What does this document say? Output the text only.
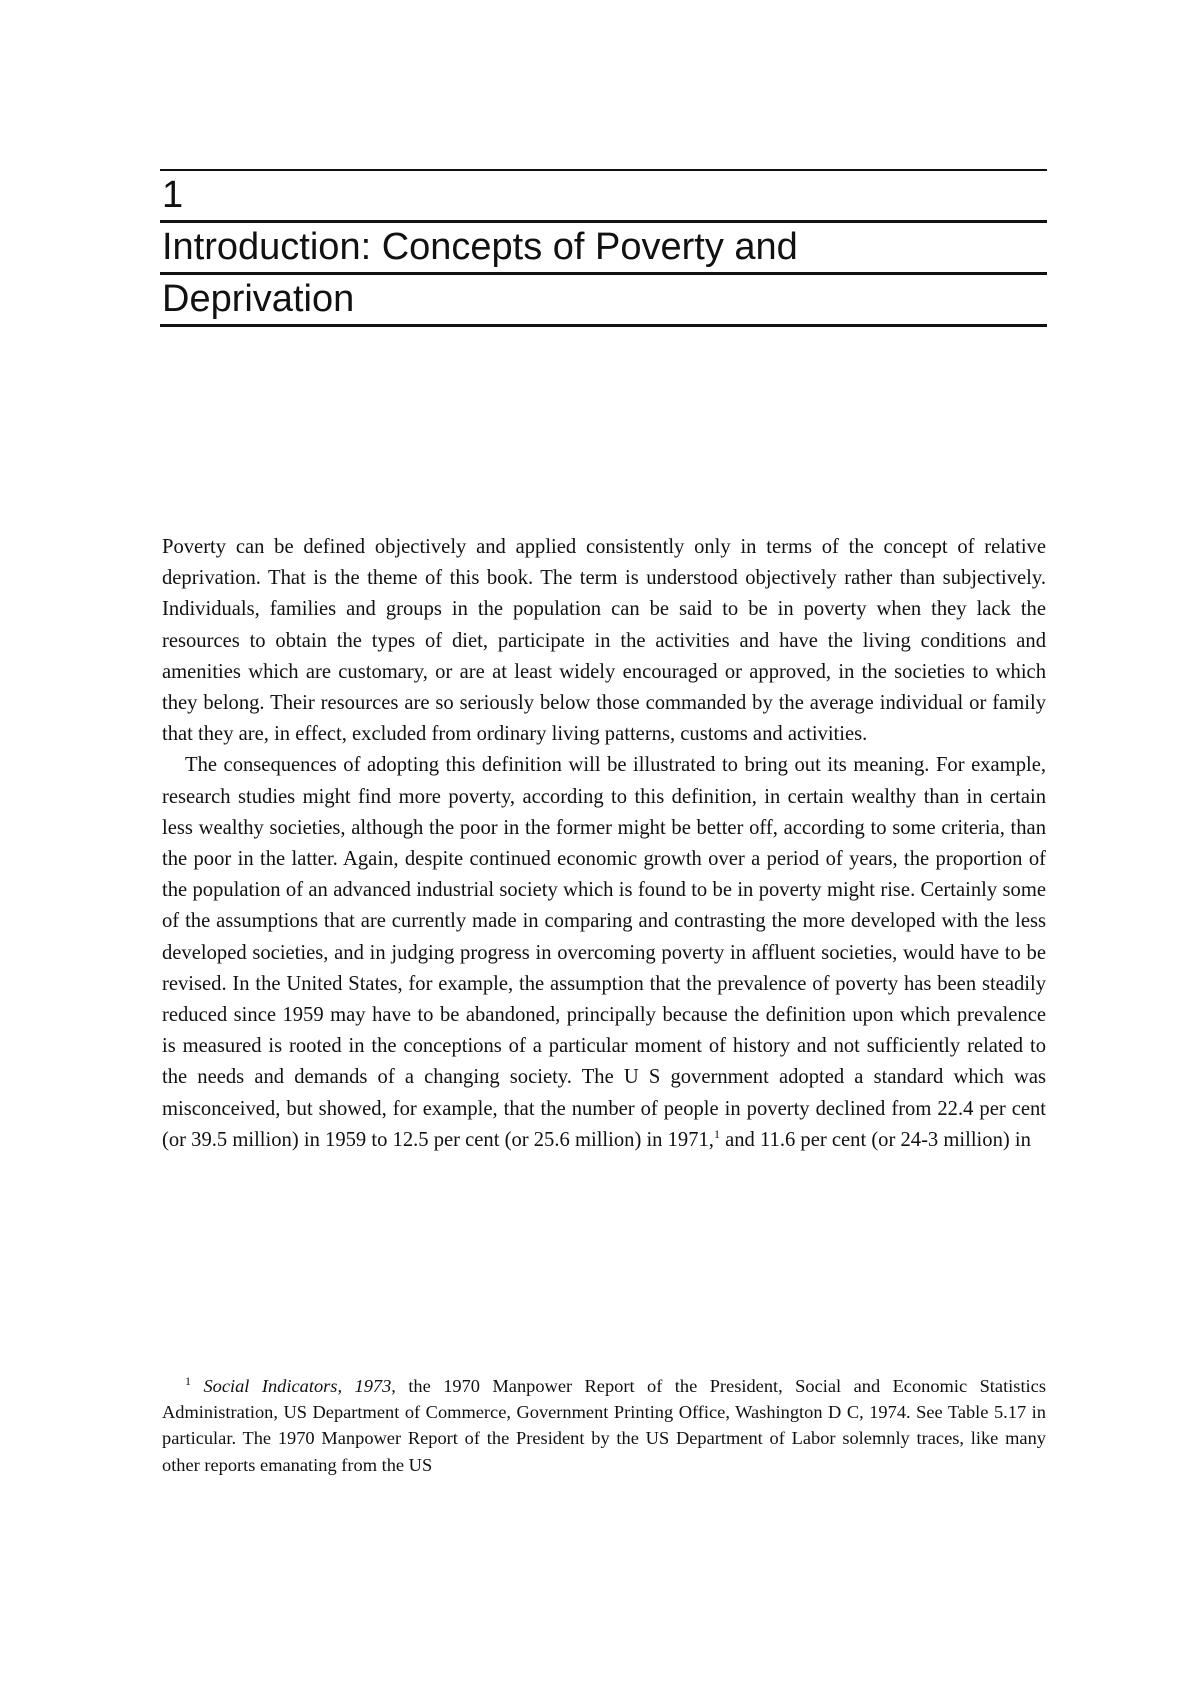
1
Introduction: Concepts of Poverty and
Deprivation

Poverty can be defined objectively and applied consistently only in terms of the concept of relative deprivation. That is the theme of this book. The term is understood objectively rather than subjectively. Individuals, families and groups in the population can be said to be in poverty when they lack the resources to obtain the types of diet, participate in the activities and have the living conditions and amenities which are customary, or are at least widely encouraged or approved, in the societies to which they belong. Their resources are so seriously below those commanded by the average individual or family that they are, in effect, excluded from ordinary living patterns, customs and activities.

The consequences of adopting this definition will be illustrated to bring out its meaning. For example, research studies might find more poverty, according to this definition, in certain wealthy than in certain less wealthy societies, although the poor in the former might be better off, according to some criteria, than the poor in the latter. Again, despite continued economic growth over a period of years, the proportion of the population of an advanced industrial society which is found to be in poverty might rise. Certainly some of the assumptions that are currently made in comparing and contrasting the more developed with the less developed societies, and in judging progress in overcoming poverty in affluent societies, would have to be revised. In the United States, for example, the assumption that the prevalence of poverty has been steadily reduced since 1959 may have to be abandoned, principally because the definition upon which prevalence is measured is rooted in the conceptions of a particular moment of history and not sufficiently related to the needs and demands of a changing society. The U S government adopted a standard which was misconceived, but showed, for example, that the number of people in poverty declined from 22.4 per cent (or 39.5 million) in 1959 to 12.5 per cent (or 25.6 million) in 1971,$^1$ and 11.6 per cent (or 24-3 million) in

$^1$ Social Indicators, 1973, the 1970 Manpower Report of the President, Social and Economic Statistics Administration, US Department of Commerce, Government Printing Office, Washington D C, 1974. See Table 5.17 in particular. The 1970 Manpower Report of the President by the US Department of Labor solemnly traces, like many other reports emanating from the US
